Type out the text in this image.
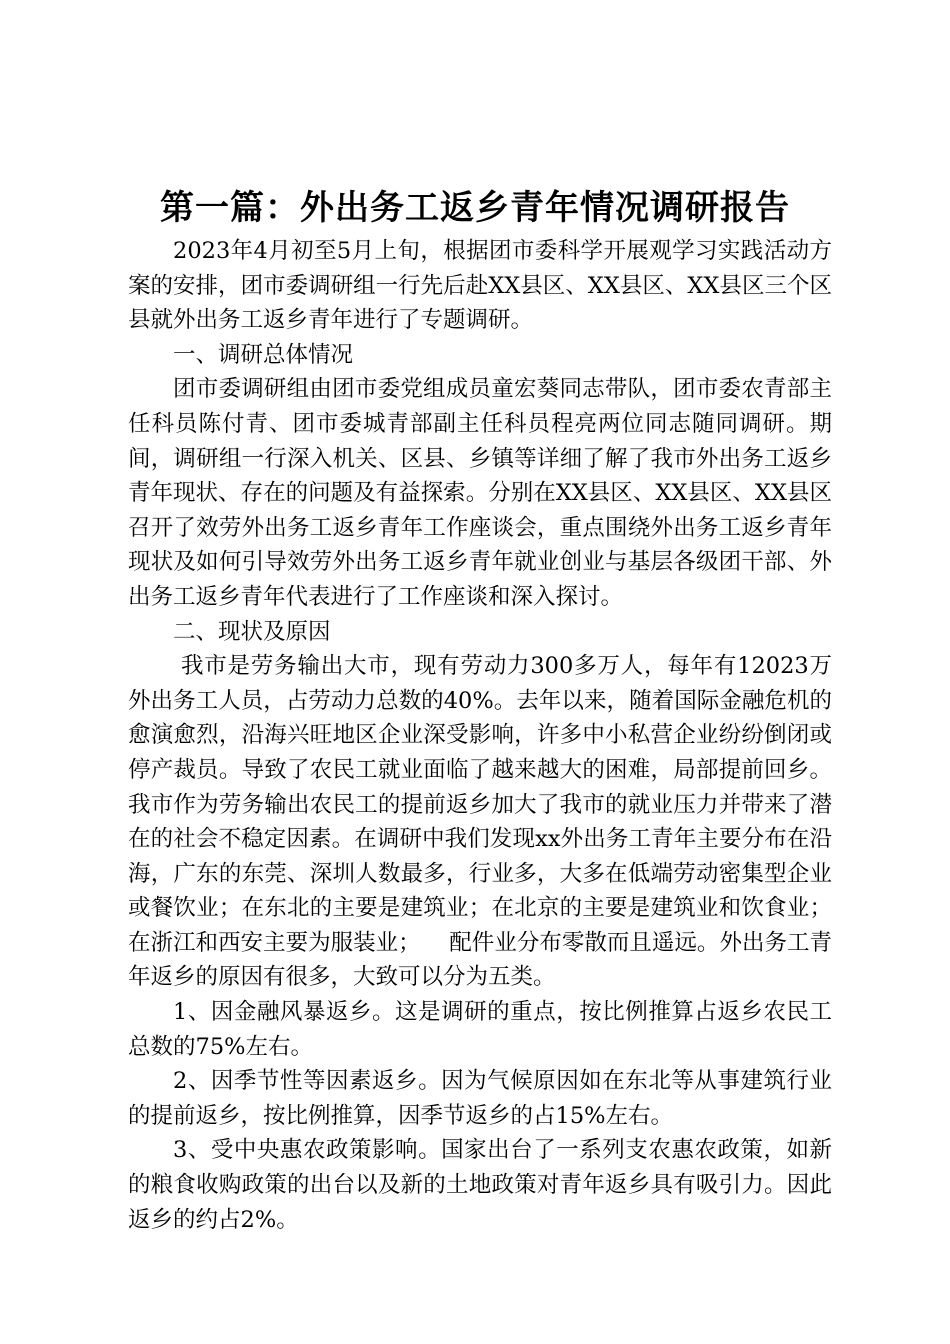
第一篇：外出务工返乡青年情况调研报告

2023年4月初至5月上旬，根据团市委科学开展观学习实践活动方案的安排，团市委调研组一行先后赴XX县区、XX县区、XX县区三个区县就外出务工返乡青年进行了专题调研。

一、调研总体情况

团市委调研组由团市委党组成员童宏葵同志带队，团市委农青部主任科员陈付青、团市委城青部副主任科员程亮两位同志随同调研。期间，调研组一行深入机关、区县、乡镇等详细了解了我市外出务工返乡青年现状、存在的问题及有益探索。分别在XX县区、XX县区、XX县区召开了效劳外出务工返乡青年工作座谈会，重点围绕外出务工返乡青年现状及如何引导效劳外出务工返乡青年就业创业与基层各级团干部、外出务工返乡青年代表进行了工作座谈和深入探讨。

二、现状及原因

我市是劳务输出大市，现有劳动力300多万人，每年有12023万外出务工人员，占劳动力总数的40%。去年以来，随着国际金融危机的愈演愈烈，沿海兴旺地区企业深受影响，许多中小私营企业纷纷倒闭或停产裁员。导致了农民工就业面临了越来越大的困难，局部提前回乡。我市作为劳务输出农民工的提前返乡加大了我市的就业压力并带来了潜在的社会不稳定因素。在调研中我们发现xx外出务工青年主要分布在沿海，广东的东莞、深圳人数最多，行业多，大多在低端劳动密集型企业或餐饮业；在东北的主要是建筑业；在北京的主要是建筑业和饮食业；在浙江和西安主要为服装业；    配件业分布零散而且遥远。外出务工青年返乡的原因有很多，大致可以分为五类。

1、因金融风暴返乡。这是调研的重点，按比例推算占返乡农民工总数的75%左右。

2、因季节性等因素返乡。因为气候原因如在东北等从事建筑行业的提前返乡，按比例推算，因季节返乡的占15%左右。

3、受中央惠农政策影响。国家出台了一系列支农惠农政策，如新的粮食收购政策的出台以及新的土地政策对青年返乡具有吸引力。因此返乡的约占2%。
